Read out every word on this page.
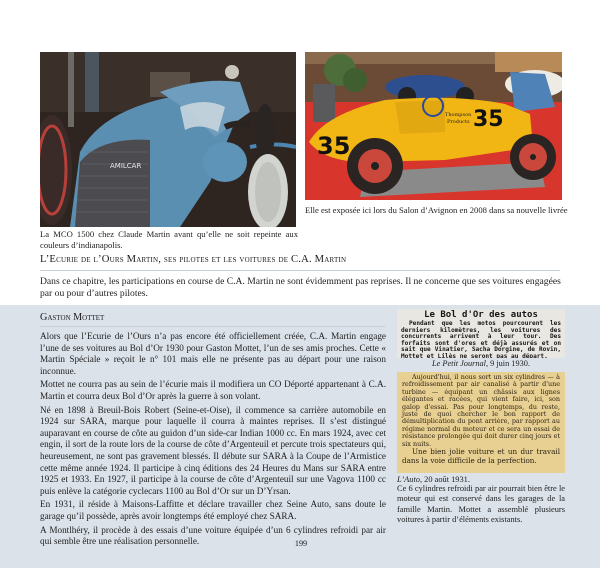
AMILCAR
35
35
Thompson
Products
La MCO 1500 chez Claude Martin avant qu’elle ne soit repeinte aux couleurs d’indianapolis.
Elle est exposée ici lors du Salon d’Avignon en 2008 dans sa nouvelle livrée
L’Ecurie de l’Ours Martin, ses pilotes et les voitures de C.A. Martin
Dans ce chapitre, les participations en course de C.A. Martin ne sont évidemment pas reprises. Il ne concerne que ses voitures engagées par ou pour d’autres pilotes.
Gaston Mottet

Alors que l’Ecurie de l’Ours n’a pas encore été officiellement créée, C.A. Martin engage l’une de ses voitures au Bol d’Or 1930 pour Gaston Mottet, l’un de ses amis proches. Cette « Martin Spéciale » reçoit le n° 101 mais elle ne présente pas au départ pour une raison inconnue.

Mottet ne courra pas au sein de l’écurie mais il modifiera un CO Déporté appartenant à C.A. Martin et courra deux Bol d’Or après la guerre à son volant.

Né en 1898 à Breuil-Bois Robert (Seine-et-Oise), il commence sa carrière automobile en 1924 sur SARA, marque pour laquelle il courra à maintes reprises. Il s’est distingué auparavant en course de côte au guidon d’un side-car Indian 1000 cc. En mars 1924, avec cet engin, il sort de la route lors de la course de côte d’Argenteuil et percute trois spectateurs qui, heureusement, ne sont pas gravement blessés. Il débute sur SARA à la Coupe de l’Armistice cette même année 1924. Il participe à cinq éditions des 24 Heures du Mans sur SARA entre 1925 et 1933. En 1927, il participe à la course de côte d’Argenteuil sur une Vagova 1100 cc puis enlève la catégorie cyclecars 1100 au Bol d’Or sur un D’Yrsan.

En 1931, il réside à Maisons-Laffitte et déclare travailler chez Seine Auto, sans doute le garage qu’il possède, après avoir longtemps été employé chez SARA.

A Montlhéry, il procède à des essais d’une voiture équipée d’un 6 cylindres refroidi par air qui semble être une réalisation personnelle.

Le Bol d'Or des autos
Pendant que les motos pourcourent les derniers kilomètres, les voitures des concurrents arrivent à leur tour. Des forfaits sont d'ores et déjà assurés et on sait que Vinatier, Sacha Dorgine, de Rovin, Mottet et Lilès ne seront pas au départ.
Le Petit Journal, 9 juin 1930.

Aujourd'hui, il nous sort un six cylindres — à refroidissement par air canalisé à partir d'une turbine — équipant un châssis aux lignes élégantes et racées, qui vient faire, ici, son galop d'essai. Pas pour longtemps, du reste, juste de quoi chercher le bon rapport de démultiplication du pont arrière, par rapport au régime normal du moteur et ce sera un essai de résistance prolongée qui doit durer cinq jours et six nuits.

Une bien jolie voiture et un dur travail dans la voie difficile de la perfection.

L’Auto, 20 août 1931.
Ce 6 cylindres refroidi par air pourrait bien être le moteur qui est conservé dans les garages de la famille Martin. Mottet a assemblé plusieurs voitures à partir d’éléments existants.
199
